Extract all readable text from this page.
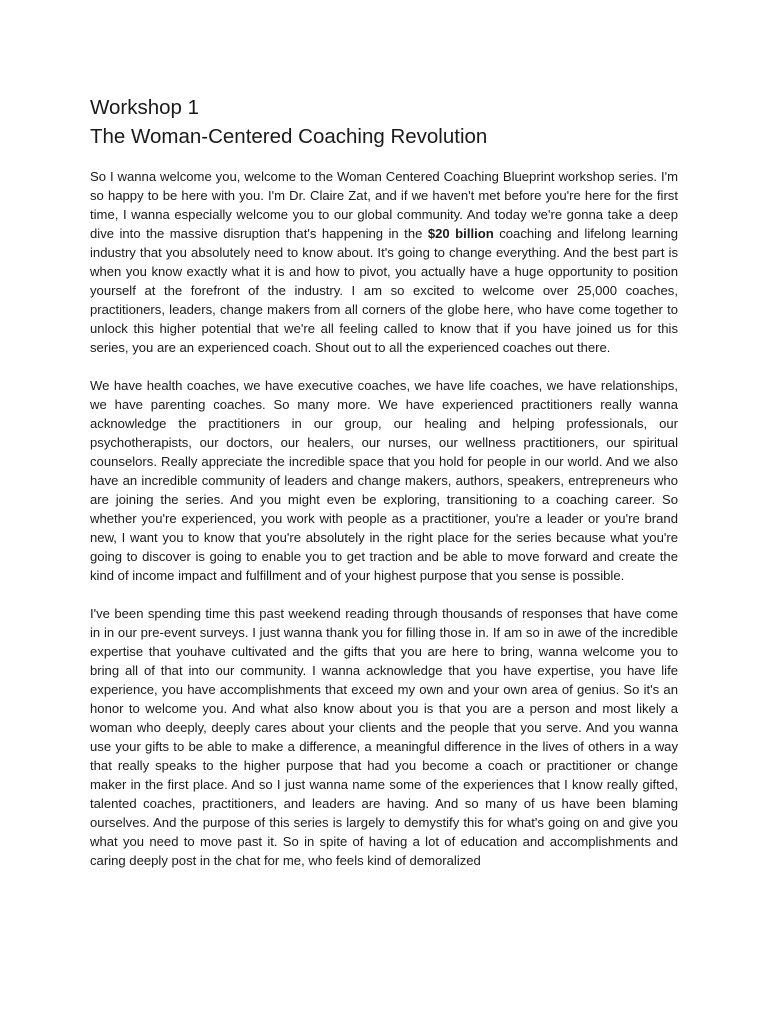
Workshop 1
The Woman-Centered Coaching Revolution

So I wanna welcome you, welcome to the Woman Centered Coaching Blueprint workshop series. I'm so happy to be here with you. I'm Dr. Claire Zat, and if we haven't met before you're here for the first time, I wanna especially welcome you to our global community. And today we're gonna take a deep dive into the massive disruption that's happening in the $20 billion coaching and lifelong learning industry that you absolutely need to know about. It's going to change everything. And the best part is when you know exactly what it is and how to pivot, you actually have a huge opportunity to position yourself at the forefront of the industry. I am so excited to welcome over 25,000 coaches, practitioners, leaders, change makers from all corners of the globe here, who have come together to unlock this higher potential that we're all feeling called to know that if you have joined us for this series, you are an experienced coach. Shout out to all the experienced coaches out there.

We have health coaches, we have executive coaches, we have life coaches, we have relationships, we have parenting coaches. So many more. We have experienced practitioners really wanna acknowledge the practitioners in our group, our healing and helping professionals, our psychotherapists, our doctors, our healers, our nurses, our wellness practitioners, our spiritual counselors. Really appreciate the incredible space that you hold for people in our world. And we also have an incredible community of leaders and change makers, authors, speakers, entrepreneurs who are joining the series. And you might even be exploring, transitioning to a coaching career. So whether you're experienced, you work with people as a practitioner, you're a leader or you're brand new, I want you to know that you're absolutely in the right place for the series because what you're going to discover is going to enable you to get traction and be able to move forward and create the kind of income impact and fulfillment and of your highest purpose that you sense is possible.

I've been spending time this past weekend reading through thousands of responses that have come in in our pre-event surveys. I just wanna thank you for filling those in. If am so in awe of the incredible expertise that youhave cultivated and the gifts that you are here to bring, wanna welcome you to bring all of that into our community. I wanna acknowledge that you have expertise, you have life experience, you have accomplishments that exceed my own and your own area of genius. So it's an honor to welcome you. And what also know about you is that you are a person and most likely a woman who deeply, deeply cares about your clients and the people that you serve. And you wanna use your gifts to be able to make a difference, a meaningful difference in the lives of others in a way that really speaks to the higher purpose that had you become a coach or practitioner or change maker in the first place. And so I just wanna name some of the experiences that I know really gifted, talented coaches, practitioners, and leaders are having. And so many of us have been blaming ourselves. And the purpose of this series is largely to demystify this for what's going on and give you what you need to move past it. So in spite of having a lot of education and accomplishments and caring deeply post in the chat for me, who feels kind of demoralized
